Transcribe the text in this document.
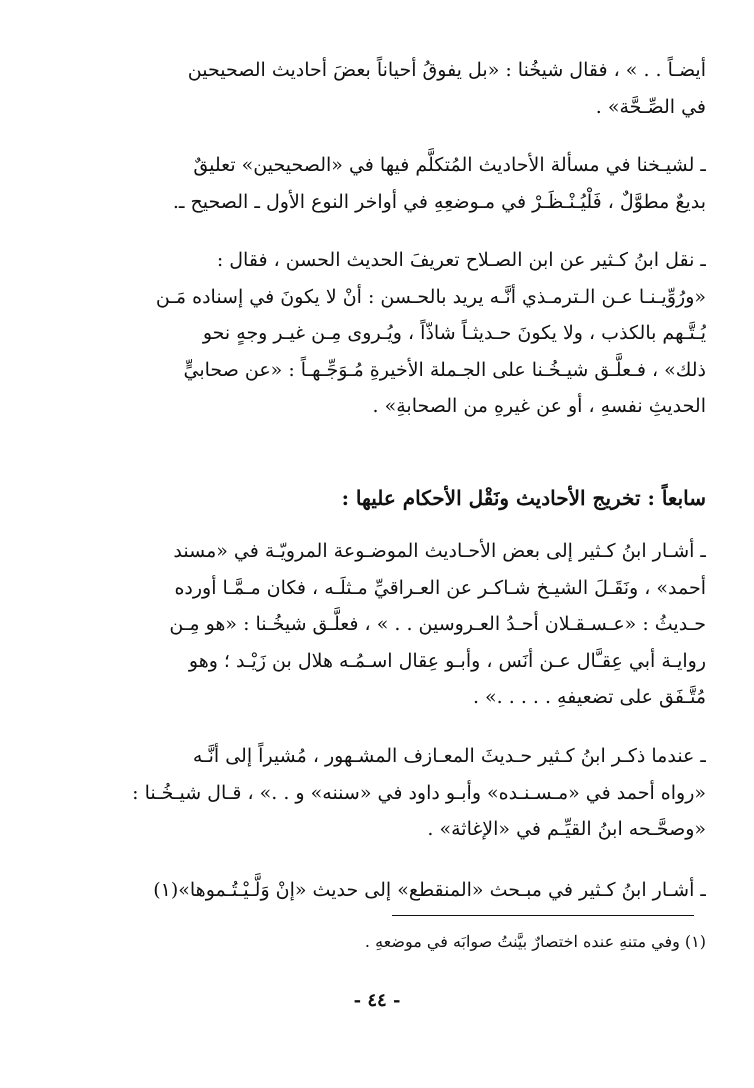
أيضـاً . . » ، فقال شيخُنا : «بل يفوقُ أحياناً بعضَ أحاديث الصحيحين
في الصِّـحَّة» .
ـ لشيـخنا في مسألة الأحاديث المُتكلَّم فيها في «الصحيحين» تعليقٌ
بديعٌ مطوَّلٌ ، فَلْيُـنْـظَـرْ في مـوضعِهِ في أواخر النوع الأول ـ الصحيح ـ.
ـ نقل ابنُ كـثير عن ابن الصـلاح تعريفَ الحديث الحسن ، فقال :
«ورُوِّيـنـا عـن الـترمـذي أنَّـه يريد بالحـسن : أنْ لا يكونَ في إسناده مَـن
يُـتَّـهم بالكذب ، ولا يكونَ حـديثـاً شاذّاً ، ويُـروى مِـن غيـر وجهٍ نحو
ذلك» ، فـعلَّـق شيـخُـنا على الجـملة الأخيرةِ مُـوَجِّـهـاً : «عن صحابيٍّ
الحديثِ نفسهِ ، أو عن غيرهِ من الصحابةِ» .
سابعاً : تخريج الأحاديث ونَقْل الأحكام عليها :
ـ أشـار ابنُ كـثير إلى بعض الأحـاديث الموضـوعة المرويّـة في «مسند
أحمد» ، ونَقَـلَ الشيـخ شـاكـر عن العـراقيِّ مـثلَـه ، فكان مـمَّـا أورده
حـديثُ : «عـسـقـلان أحـدُ العـروسين . . » ، فعلَّـق شيخُـنا : «هو مِـن
روايـة أبي عِقـَّال عـن أنَس ، وأبـو عِقال اسـمُـه هلال بن زَيْـد ؛ وهو
مُتَّـفَق على تضعيفهِ . . . . .» .
ـ عندما ذكـر ابنُ كـثير حـديثَ المعـازف المشـهور ، مُشيراً إلى أنَّـه
«رواه أحمد في «مـسـنـده» وأبـو داود في «سننه» و . .» ، قـال شيـخُـنا :
«وصحَّـحه ابنُ القيِّـم في «الإغاثة» .
ـ أشـار ابنُ كـثير في مبـحث «المنقطع» إلى حديث «إنْ وَلَّـيْـتُـموها»(١)
(١) وفي متنهِ عنده اختصارٌ بيَّنتُ صوابَه في موضعهِ .
- ٤٤ -
